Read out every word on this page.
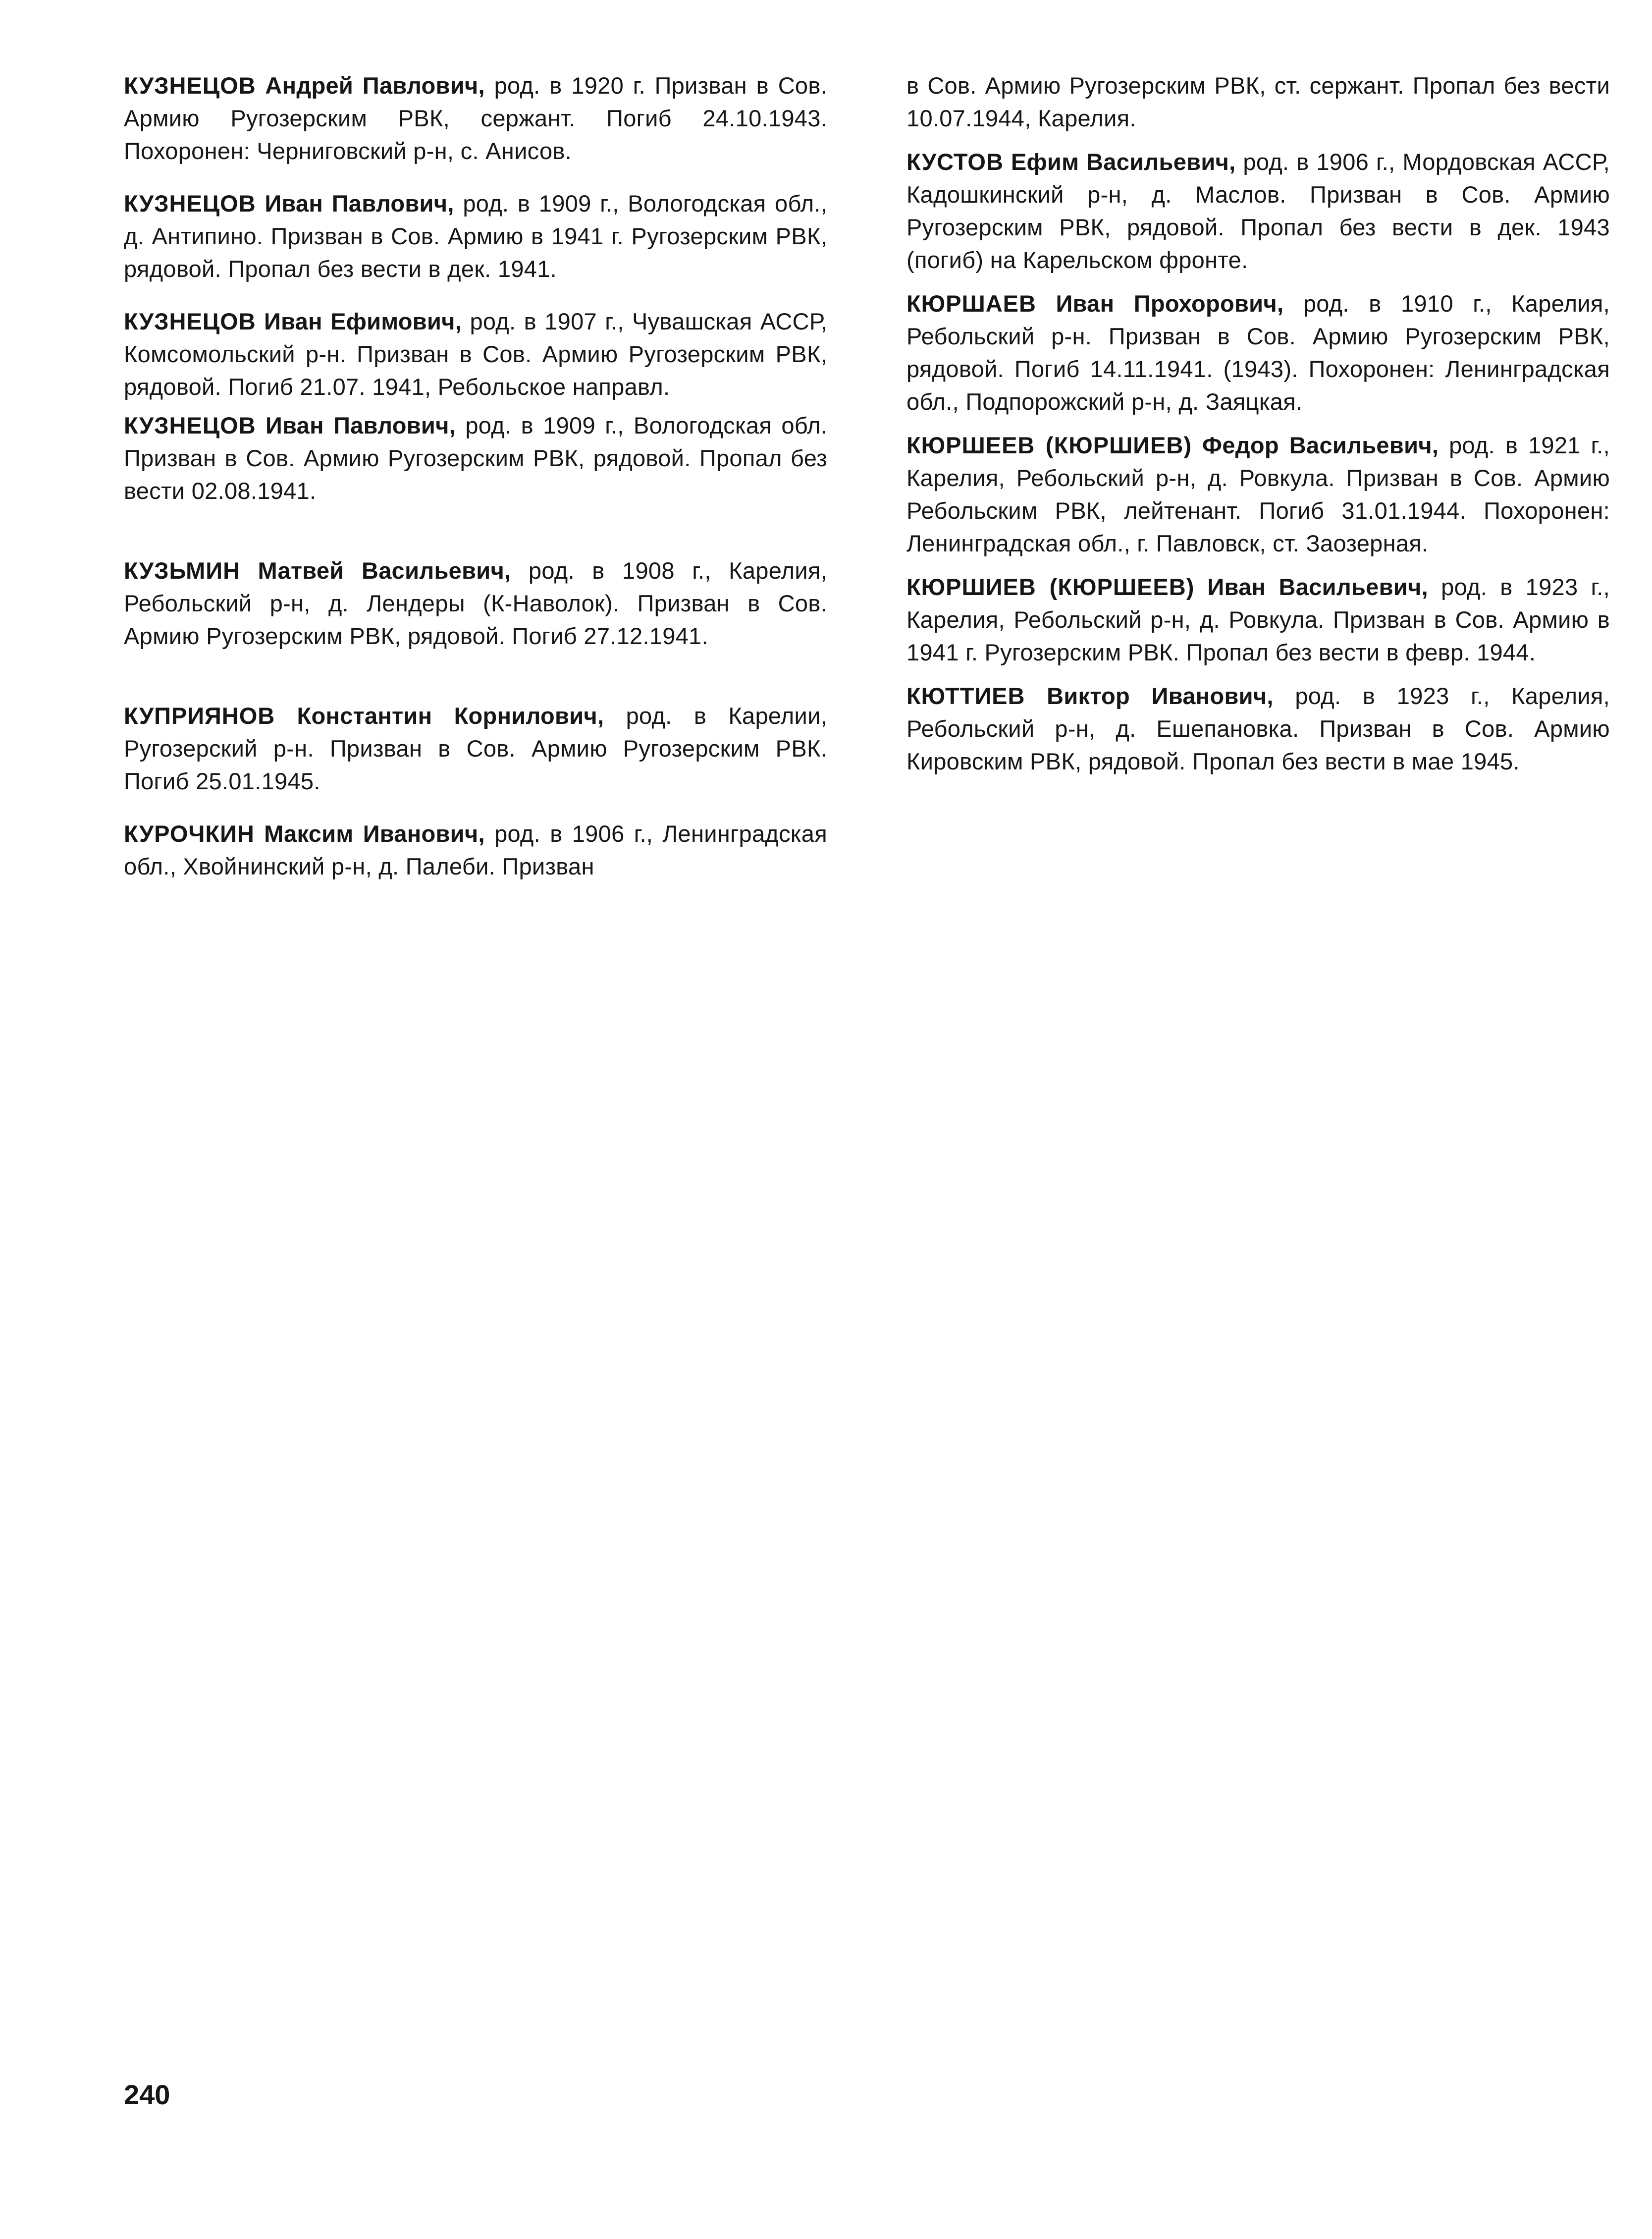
КУЗНЕЦОВ Андрей Павлович, род. в 1920 г. Призван в Сов. Армию Ругозерским РВК, сержант. Погиб 24.10.1943. Похоронен: Черниговский р-н, с. Анисов.

КУЗНЕЦОВ Иван Павлович, род. в 1909 г., Вологодская обл., д. Антипино. Призван в Сов. Армию в 1941 г. Ругозерским РВК, рядовой. Пропал без вести в дек. 1941.

КУЗНЕЦОВ Иван Ефимович, род. в 1907 г., Чувашская АССР, Комсомольский р-н. Призван в Сов. Армию Ругозерским РВК, рядовой. Погиб 21.07. 1941, Ребольское направл.

КУЗНЕЦОВ Иван Павлович, род. в 1909 г., Вологодская обл. Призван в Сов. Армию Ругозерским РВК, рядовой. Пропал без вести 02.08.1941.

КУЗЬМИН Матвей Васильевич, род. в 1908 г., Карелия, Ребольский р-н, д. Лендеры (К-Наволок). Призван в Сов. Армию Ругозерским РВК, рядовой. Погиб 27.12.1941.

КУПРИЯНОВ Константин Корнилович, род. в Карелии, Ругозерский р-н. Призван в Сов. Армию Ругозерским РВК. Погиб 25.01.1945.

КУРОЧКИН Максим Иванович, род. в 1906 г., Ленинградская обл., Хвойнинский р-н, д. Палеби. Призван

в Сов. Армию Ругозерским РВК, ст. сержант. Пропал без вести 10.07.1944, Карелия.

КУСТОВ Ефим Васильевич, род. в 1906 г., Мордовская АССР, Кадошкинский р-н, д. Маслов. Призван в Сов. Армию Ругозерским РВК, рядовой. Пропал без вести в дек. 1943 (погиб) на Карельском фронте.

КЮРШАЕВ Иван Прохорович, род. в 1910 г., Карелия, Ребольский р-н. Призван в Сов. Армию Ругозерским РВК, рядовой. Погиб 14.11.1941. (1943). Похоронен: Ленинградская обл., Подпорожский р-н, д. Заяцкая.

КЮРШЕЕВ (КЮРШИЕВ) Федор Васильевич, род. в 1921 г., Карелия, Ребольский р-н, д. Ровкула. Призван в Сов. Армию Ребольским РВК, лейтенант. Погиб 31.01.1944. Похоронен: Ленинградская обл., г. Павловск, ст. Заозерная.

КЮРШИЕВ (КЮРШЕЕВ) Иван Васильевич, род. в 1923 г., Карелия, Ребольский р-н, д. Ровкула. Призван в Сов. Армию в 1941 г. Ругозерским РВК. Пропал без вести в февр. 1944.

КЮТТИЕВ Виктор Иванович, род. в 1923 г., Карелия, Ребольский р-н, д. Ешепановка. Призван в Сов. Армию Кировским РВК, рядовой. Пропал без вести в мае 1945.

240
